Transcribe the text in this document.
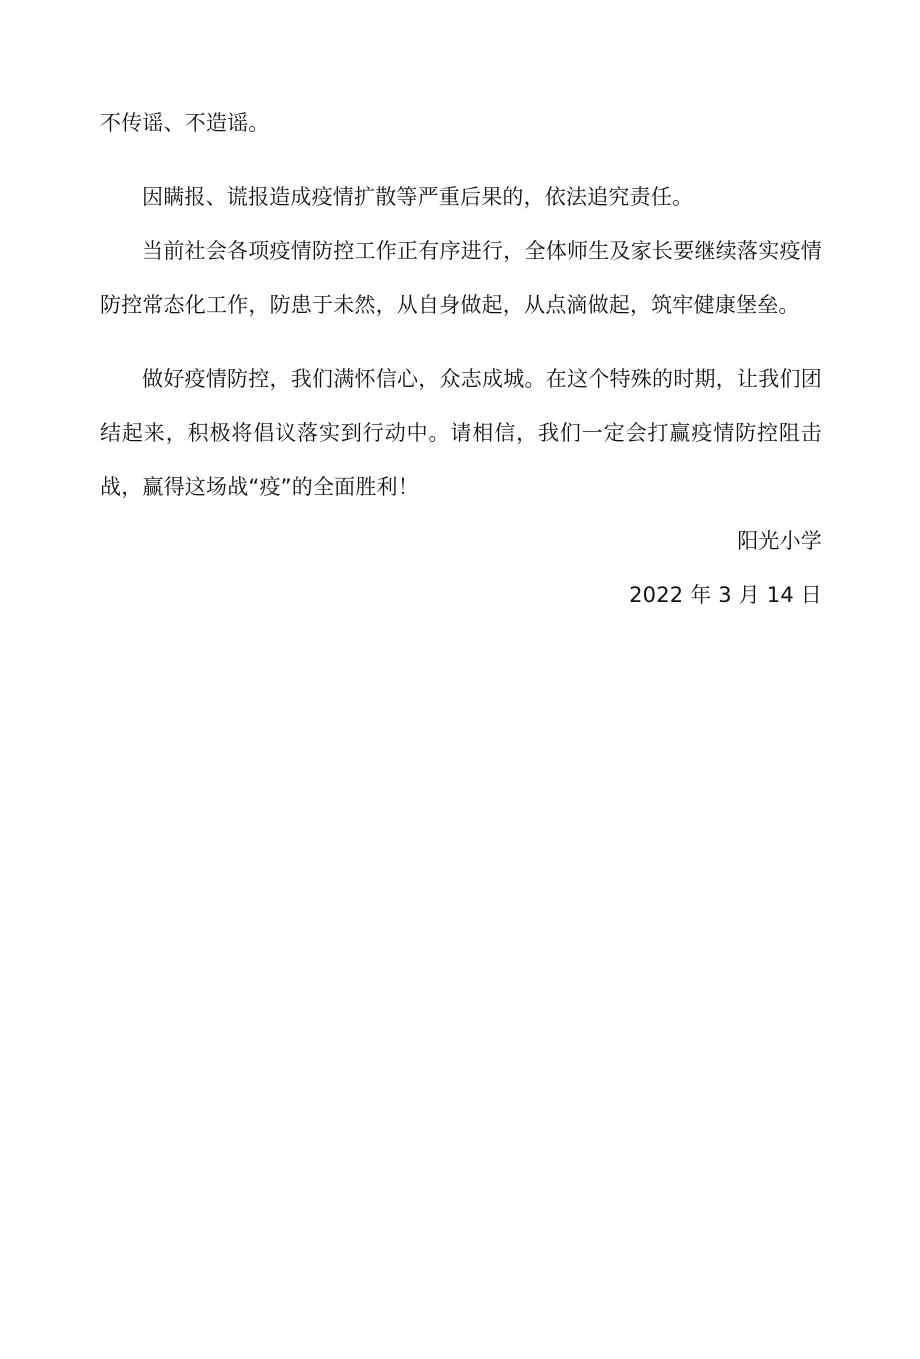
不传谣、不造谣。

因瞒报、谎报造成疫情扩散等严重后果的，依法追究责任。

当前社会各项疫情防控工作正有序进行，全体师生及家长要继续落实疫情防控常态化工作，防患于未然，从自身做起，从点滴做起，筑牢健康堡垒。

做好疫情防控，我们满怀信心，众志成城。在这个特殊的时期，让我们团结起来，积极将倡议落实到行动中。请相信，我们一定会打赢疫情防控阻击战，赢得这场战“疫”的全面胜利！

阳光小学

2022 年 3 月 14 日
